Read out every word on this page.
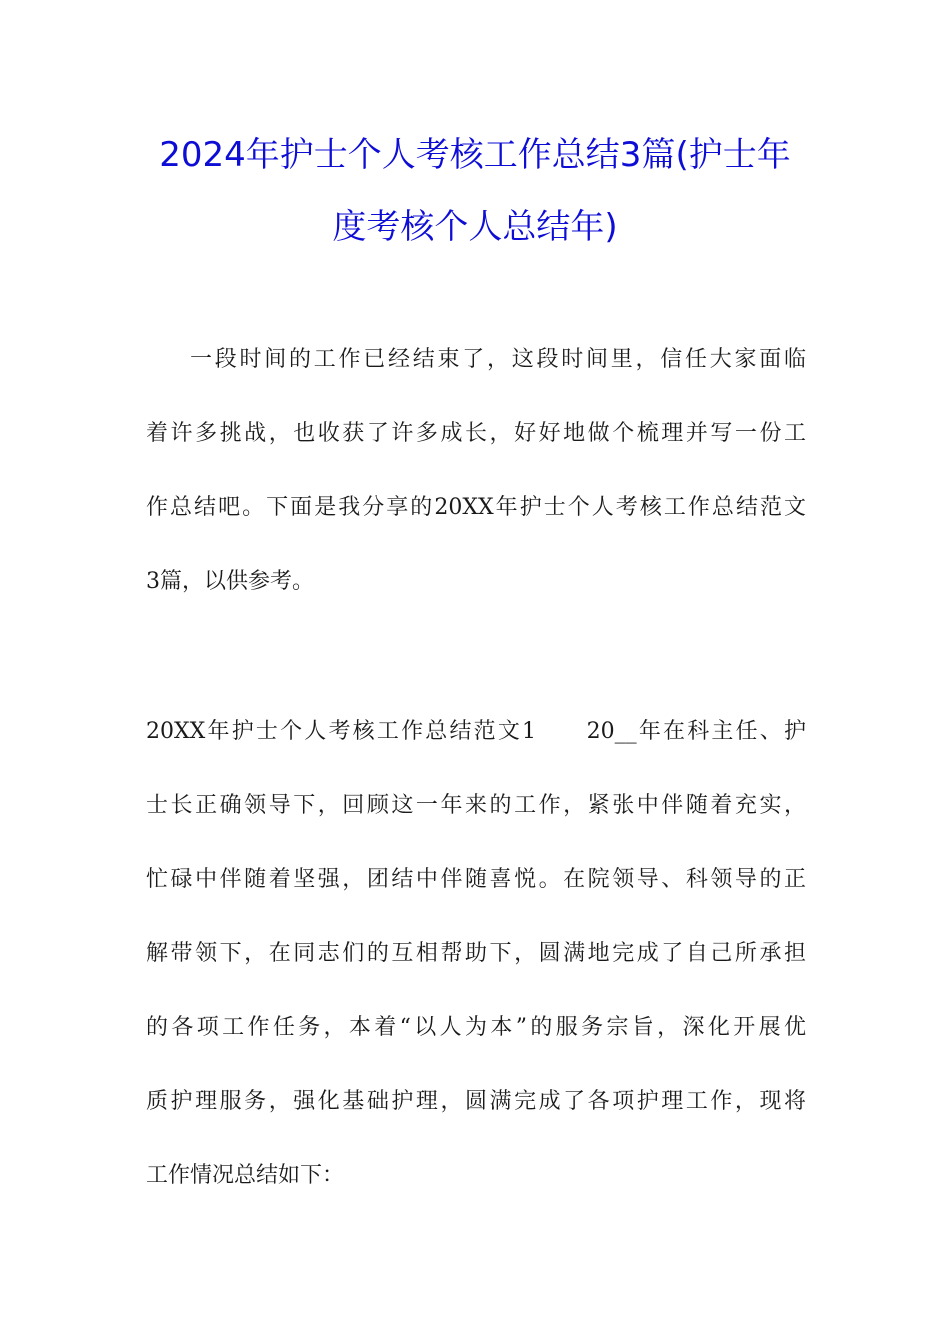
2024年护士个人考核工作总结3篇(护士年
度考核个人总结年)

一段时间的工作已经结束了，这段时间里，信任大家面临

着许多挑战，也收获了许多成长，好好地做个梳理并写一份工

作总结吧。下面是我分享的20XX年护士个人考核工作总结范文

3篇，以供参考。

20XX年护士个人考核工作总结范文1　　20__年在科主任、护

士长正确领导下，回顾这一年来的工作，紧张中伴随着充实，

忙碌中伴随着坚强，团结中伴随喜悦。在院领导、科领导的正

解带领下，在同志们的互相帮助下，圆满地完成了自己所承担

的各项工作任务，本着“以人为本”的服务宗旨，深化开展优

质护理服务，强化基础护理，圆满完成了各项护理工作，现将

工作情况总结如下：
